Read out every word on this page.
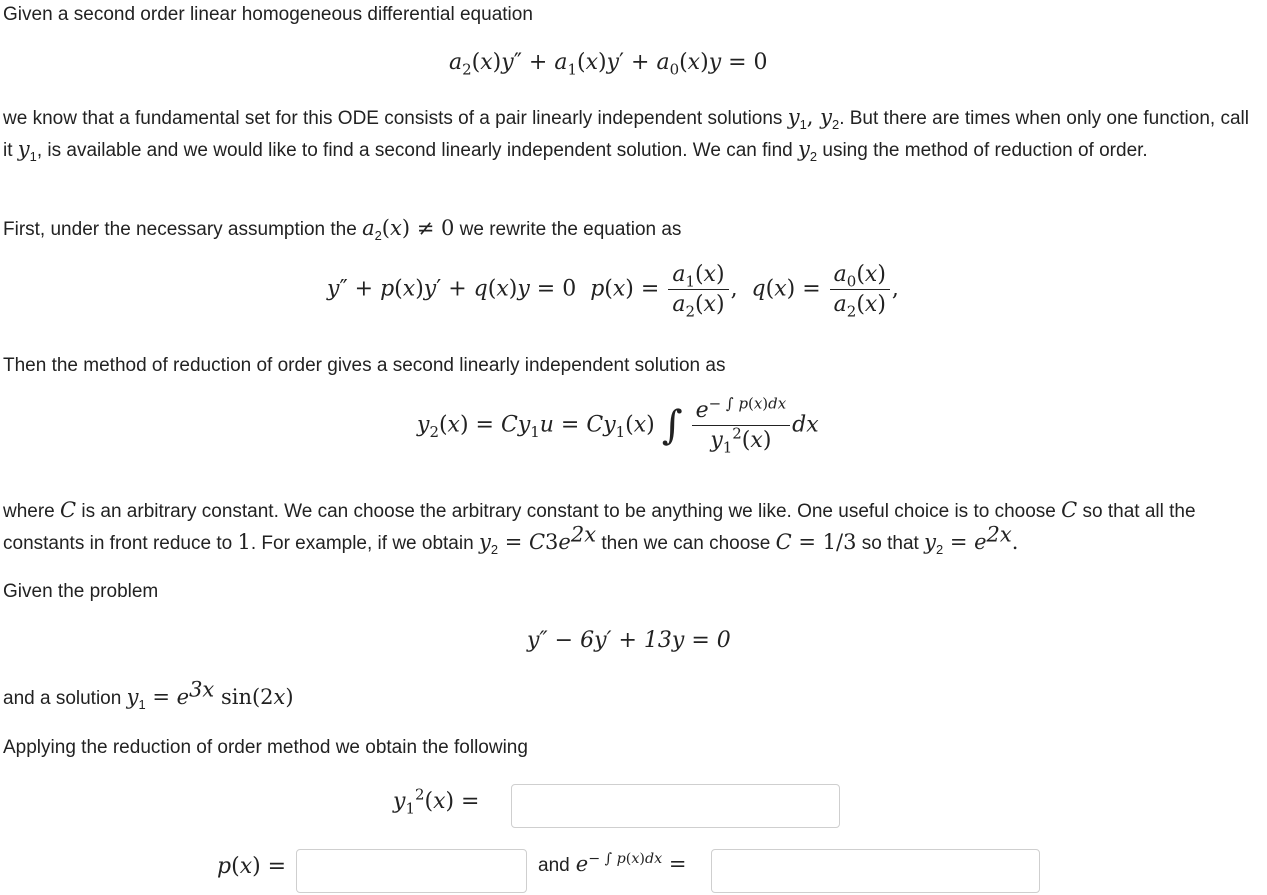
Given a second order linear homogeneous differential equation

$a_2(x)y'' + a_1(x)y' + a_0(x)y = 0$

we know that a fundamental set for this ODE consists of a pair linearly independent solutions $y_1$, $y_2$. But there are times when only one function, call it $y_1$, is available and we would like to find a second linearly independent solution. We can find $y_2$ using the method of reduction of order.

First, under the necessary assumption the $a_2(x) \ne 0$ we rewrite the equation as

y″ + p(x)y′ + q(x)y = 0  $p(x) = \frac{a_1(x)}{a_2(x)}$ ,  $q(x) = \frac{a_0(x)}{a_2(x)}$ ,

Then the method of reduction of order gives a second linearly independent solution as

$y_2(x) = Cy_1u = Cy_1(x)$ ∫ $\frac{e^{- \int p(x)dx}}{y_1^2(x)}$ dx

where C is an arbitrary constant. We can choose the arbitrary constant to be anything we like. One useful choice is to choose C so that all the constants in front reduce to 1. For example, if we obtain $y_2 = C3e^{2x}$ then we can choose C = 1/3 so that $y_2 = e^{2x}$.

Given the problem

y″ − 6y′ + 13y = 0

and a solution $y_1 = e^{3x}$ sin(2x)

Applying the reduction of order method we obtain the following

$y_1^2(x)$ =
p(x) =	and $e^{- \int p(x)dx}$ =
